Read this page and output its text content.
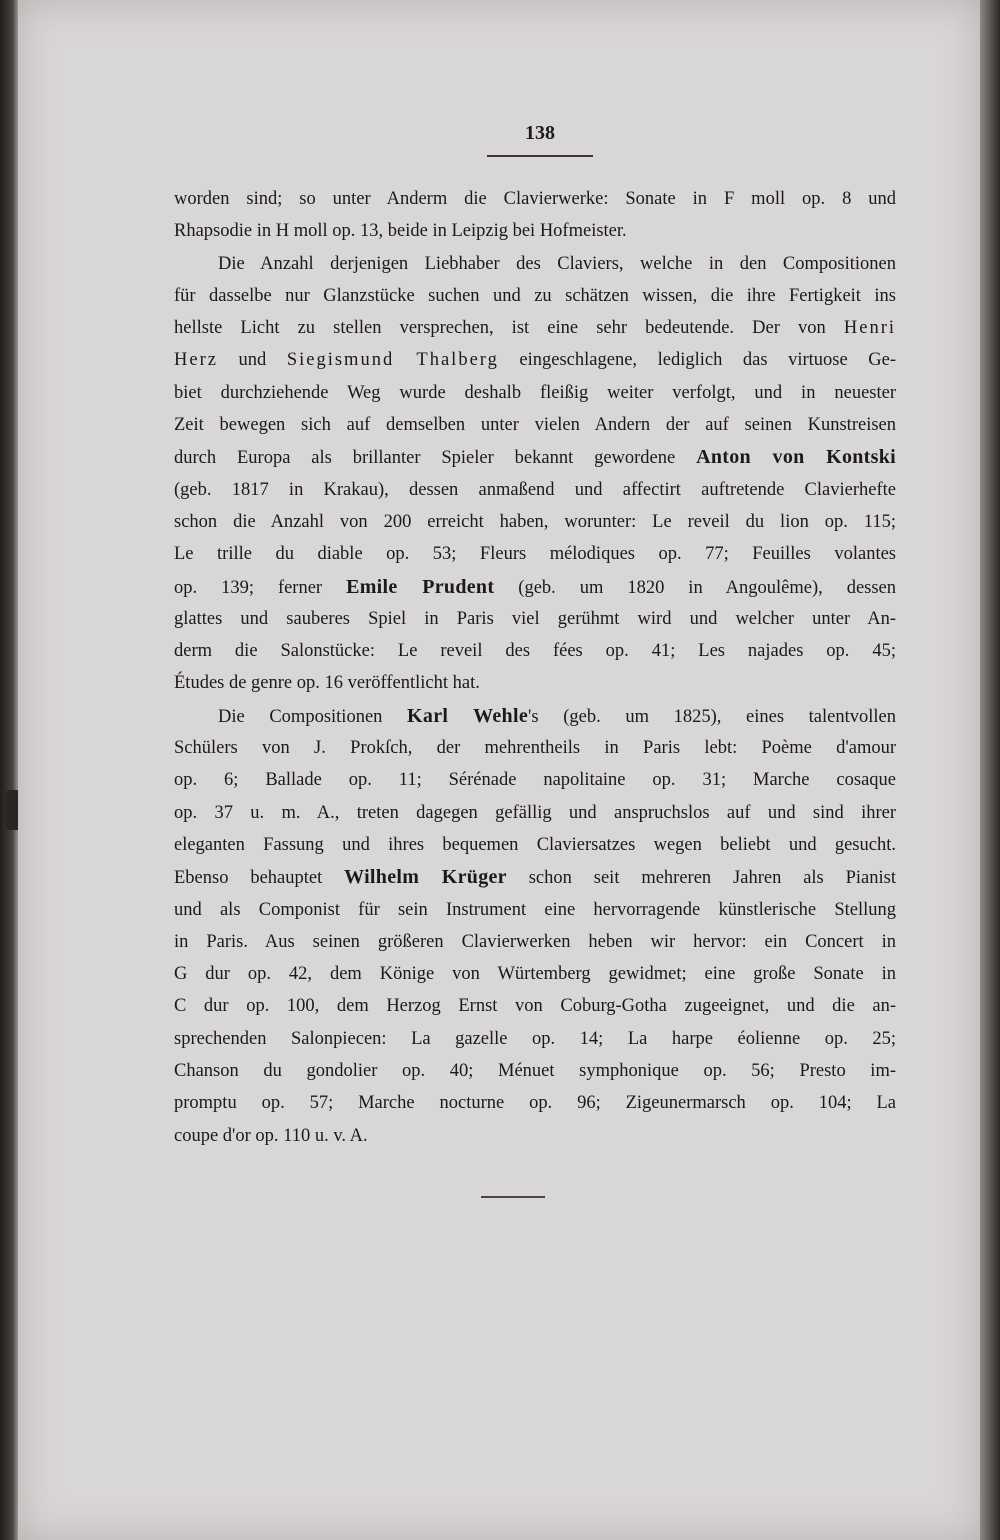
138
worden sind; so unter Anderm die Clavierwerke: Sonate in F moll op. 8 und
Rhapsodie in H moll op. 13, beide in Leipzig bei Hofmeister.
Die Anzahl derjenigen Liebhaber des Claviers, welche in den Compositionen
für dasselbe nur Glanzstücke suchen und zu schätzen wissen, die ihre Fertigkeit ins
hellste Licht zu stellen versprechen, ist eine sehr bedeutende. Der von Henri
Herz und Siegismund Thalberg eingeschlagene, lediglich das virtuose Ge-
biet durchziehende Weg wurde deshalb fleißig weiter verfolgt, und in neuester
Zeit bewegen sich auf demselben unter vielen Andern der auf seinen Kunstreisen
durch Europa als brillanter Spieler bekannt gewordene Anton von Kontski
(geb. 1817 in Krakau), dessen anmaßend und affectirt auftretende Clavierhefte
schon die Anzahl von 200 erreicht haben, worunter: Le reveil du lion op. 115;
Le trille du diable op. 53; Fleurs mélodiques op. 77; Feuilles volantes
op. 139; ferner Emile Prudent (geb. um 1820 in Angoulême), dessen
glattes und sauberes Spiel in Paris viel gerühmt wird und welcher unter An-
derm die Salonstücke: Le reveil des fées op. 41; Les najades op. 45;
Études de genre op. 16 veröffentlicht hat.
Die Compositionen Karl Wehle's (geb. um 1825), eines talentvollen
Schülers von J. Prokſch, der mehrentheils in Paris lebt: Poème d'amour
op. 6; Ballade op. 11; Sérénade napolitaine op. 31; Marche cosaque
op. 37 u. m. A., treten dagegen gefällig und anspruchslos auf und sind ihrer
eleganten Fassung und ihres bequemen Claviersatzes wegen beliebt und gesucht.
Ebenso behauptet Wilhelm Krüger schon seit mehreren Jahren als Pianist
und als Componist für sein Instrument eine hervorragende künstlerische Stellung
in Paris. Aus seinen größeren Clavierwerken heben wir hervor: ein Concert in
G dur op. 42, dem Könige von Würtemberg gewidmet; eine große Sonate in
C dur op. 100, dem Herzog Ernst von Coburg-Gotha zugeeignet, und die an-
sprechenden Salonpiecen: La gazelle op. 14; La harpe éolienne op. 25;
Chanson du gondolier op. 40; Ménuet symphonique op. 56; Presto im-
promptu op. 57; Marche nocturne op. 96; Zigeunermarsch op. 104; La
coupe d'or op. 110 u. v. A.
